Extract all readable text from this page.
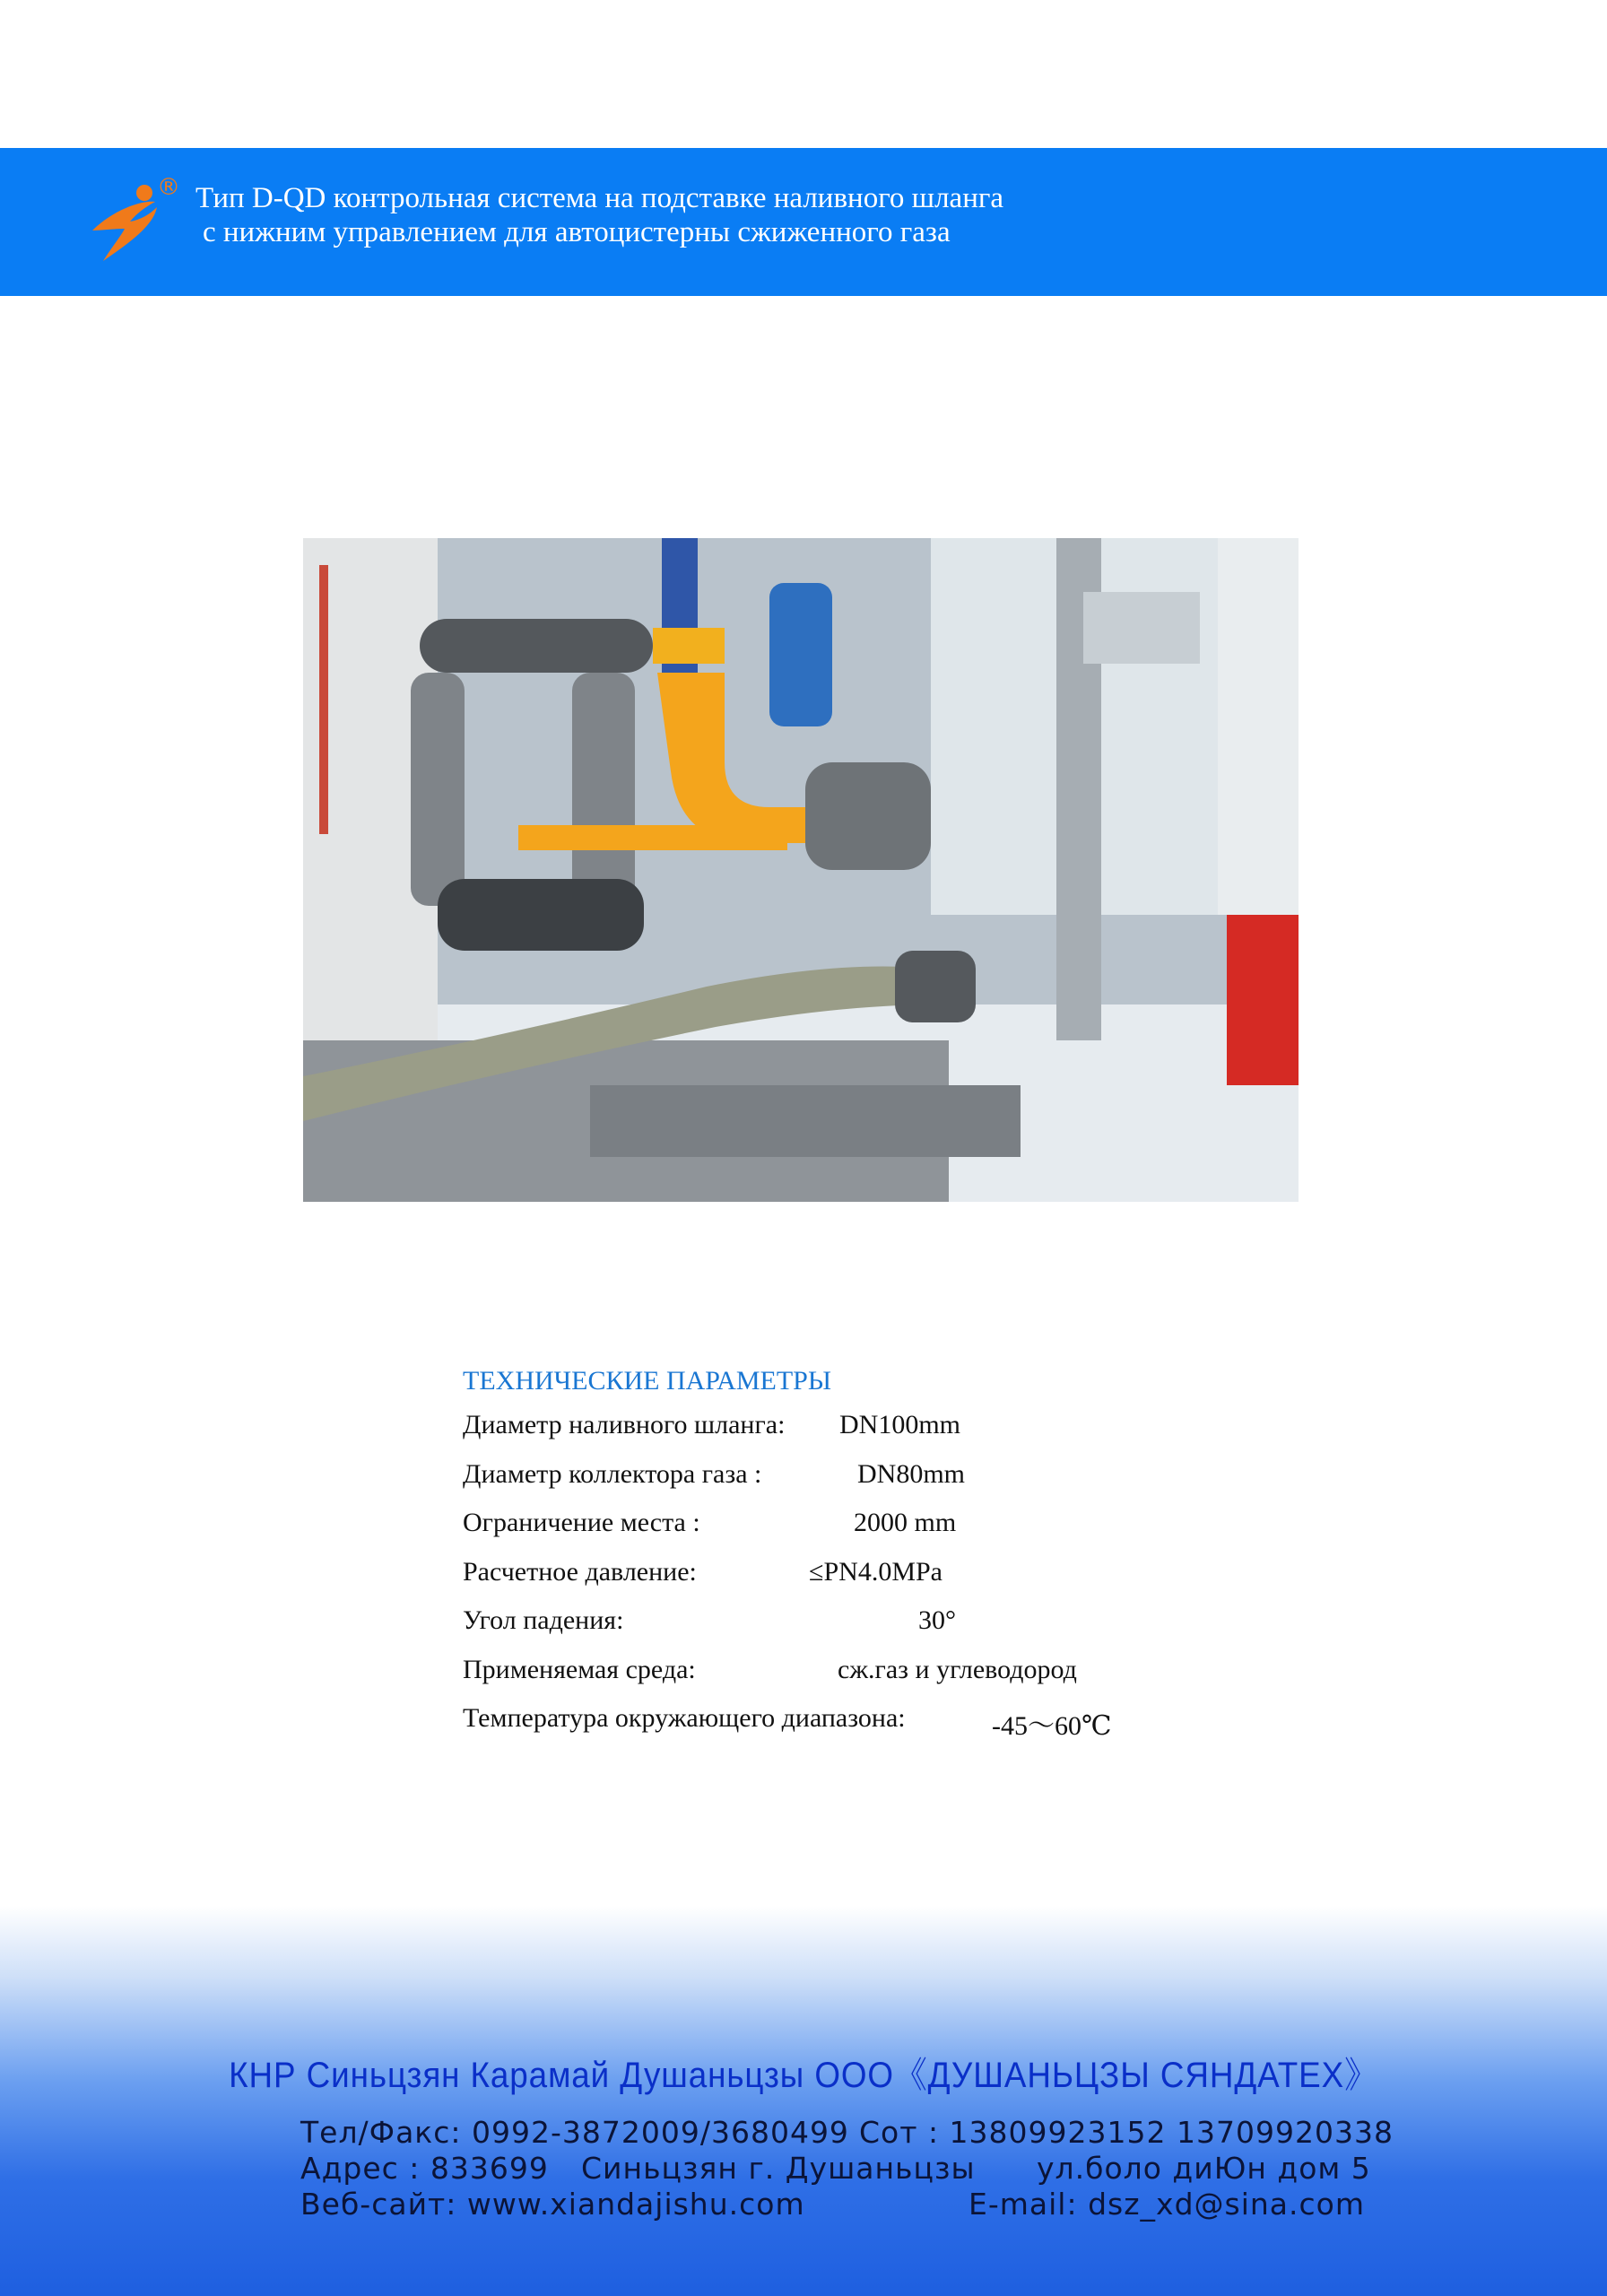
® Тип D-QD контрольная система на подставке наливного шланга
с нижним управлением для автоцистерны сжиженного газа
ТЕХНИЧЕСКИЕ ПАРАМЕТРЫ
Диаметр наливного шланга: DN100mm
Диаметр коллектора газа :	DN80mm
Ограничение места :	2000 mm
Расчетное давление:	≤PN4.0MPa
Угол падения:	30°
Применяемая среда:	сж.газ и углеводород
Температура окружающего диапазона:	-45～60℃
КНР Синьцзян Карамай Душаньцзы ООО《ДУШАНЬЦЗЫ СЯНДАТЕХ》
Тел/Факс: 0992-3872009/3680499 Сот : 13809923152 13709920338
Адрес : 833699 Синьцзян г. Душаньцзы ул.боло диЮн дом 5
Веб-сайт: www.xiandajishu.com	E-mail: dsz_xd@sina.com
